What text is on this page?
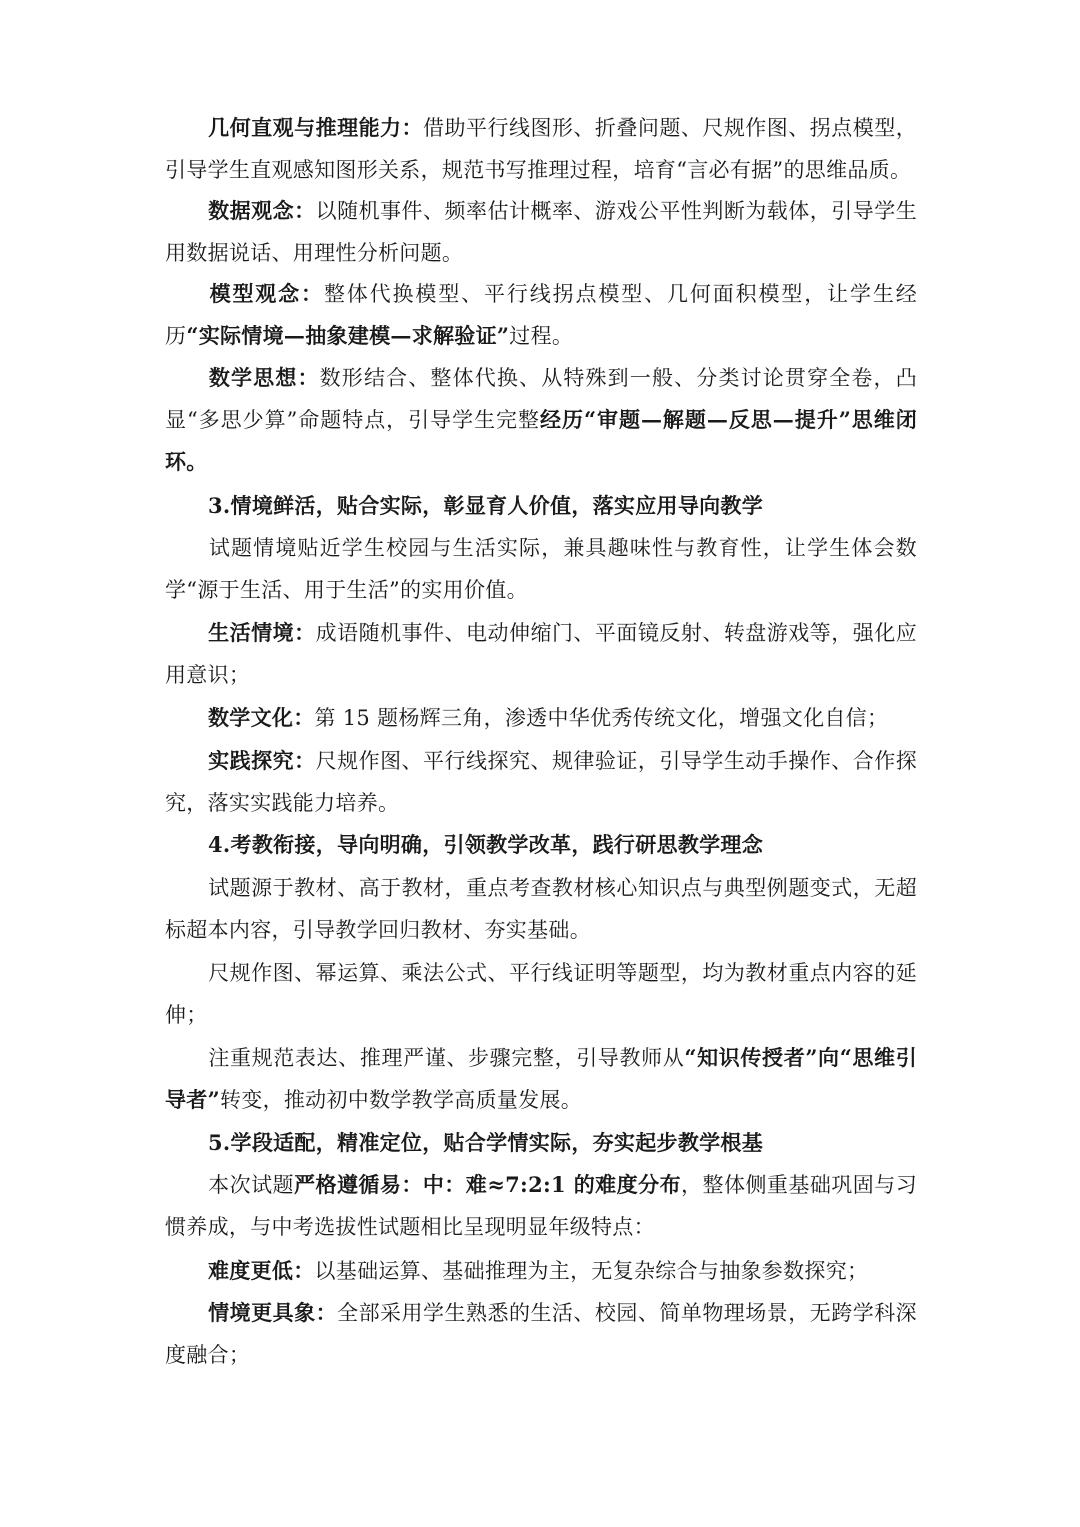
几何直观与推理能力：借助平行线图形、折叠问题、尺规作图、拐点模型，引导学生直观感知图形关系，规范书写推理过程，培育“言必有据”的思维品质。

数据观念：以随机事件、频率估计概率、游戏公平性判断为载体，引导学生用数据说话、用理性分析问题。

模型观念：整体代换模型、平行线拐点模型、几何面积模型，让学生经历“实际情境—抽象建模—求解验证”过程。

数学思想：数形结合、整体代换、从特殊到一般、分类讨论贯穿全卷，凸显“多思少算”命题特点，引导学生完整经历“审题—解题—反思—提升”思维闭环。

3.情境鲜活，贴合实际，彰显育人价值，落实应用导向教学

试题情境贴近学生校园与生活实际，兼具趣味性与教育性，让学生体会数学“源于生活、用于生活”的实用价值。

生活情境：成语随机事件、电动伸缩门、平面镜反射、转盘游戏等，强化应用意识；

数学文化：第 15 题杨辉三角，渗透中华优秀传统文化，增强文化自信；

实践探究：尺规作图、平行线探究、规律验证，引导学生动手操作、合作探究，落实实践能力培养。

4.考教衔接，导向明确，引领教学改革，践行研思教学理念

试题源于教材、高于教材，重点考查教材核心知识点与典型例题变式，无超标超本内容，引导教学回归教材、夯实基础。

尺规作图、幂运算、乘法公式、平行线证明等题型，均为教材重点内容的延伸；

注重规范表达、推理严谨、步骤完整，引导教师从“知识传授者”向“思维引导者”转变，推动初中数学教学高质量发展。

5.学段适配，精准定位，贴合学情实际，夯实起步教学根基

本次试题严格遵循易：中：难≈7:2:1 的难度分布，整体侧重基础巩固与习惯养成，与中考选拔性试题相比呈现明显年级特点：

难度更低：以基础运算、基础推理为主，无复杂综合与抽象参数探究；

情境更具象：全部采用学生熟悉的生活、校园、简单物理场景，无跨学科深度融合；
